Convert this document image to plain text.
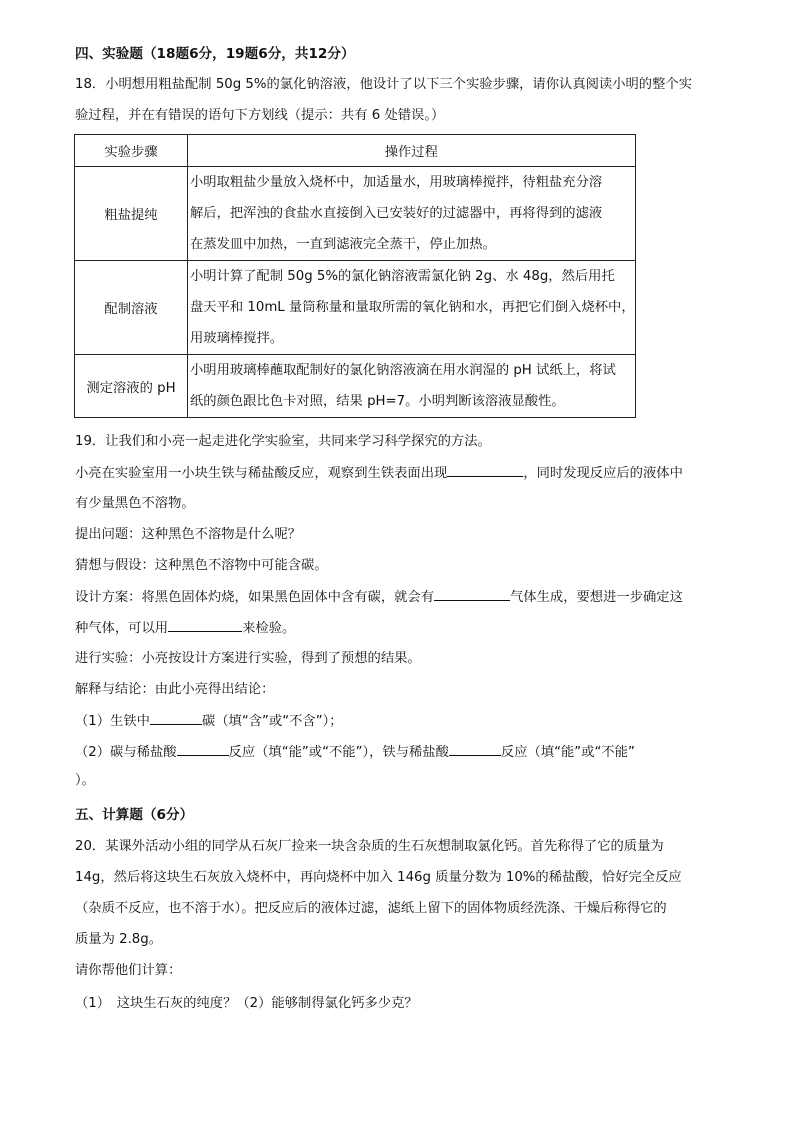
四、实验题（18题6分，19题6分，共12分）
18．小明想用粗盐配制 50g 5%的氯化钠溶液，他设计了以下三个实验步骤，请你认真阅读小明的整个实
验过程，并在有错误的语句下方划线（提示：共有 6 处错误。）
实验步骤	操作过程
粗盐提纯	小明取粗盐少量放入烧杯中，加适量水，用玻璃棒搅拌，待粗盐充分溶
解后，把浑浊的食盐水直接倒入已安装好的过滤器中，再将得到的滤液
在蒸发皿中加热，一直到滤液完全蒸干，停止加热。

配制溶液	小明计算了配制 50g 5%的氯化钠溶液需氯化钠 2g、水 48g，然后用托
盘天平和 10mL 量筒称量和量取所需的氧化钠和水，再把它们倒入烧杯中，
用玻璃棒搅拌。

测定溶液的 pH	小明用玻璃棒蘸取配制好的氯化钠溶液滴在用水润湿的 pH 试纸上，将试
纸的颜色跟比色卡对照，结果 pH=7。小明判断该溶液显酸性。
19．让我们和小亮一起走进化学实验室，共同来学习科学探究的方法。
小亮在实验室用一小块生铁与稀盐酸反应，观察到生铁表面出现	，同时发现反应后的液体中
有少量黑色不溶物。
提出问题：这种黑色不溶物是什么呢？
猜想与假设：这种黑色不溶物中可能含碳。
设计方案：将黑色固体灼烧，如果黑色固体中含有碳，就会有	气体生成，要想进一步确定这
种气体，可以用	来检验。
进行实验：小亮按设计方案进行实验，得到了预想的结果。
解释与结论：由此小亮得出结论：
（1）生铁中	碳（填“含”或“不含”）；
（2）碳与稀盐酸	反应（填“能”或“不能”），铁与稀盐酸	反应（填“能”或“不能”
）。
五、计算题（6分）
20．某课外活动小组的同学从石灰厂捡来一块含杂质的生石灰想制取氯化钙。首先称得了它的质量为
14g，然后将这块生石灰放入烧杯中，再向烧杯中加入 146g 质量分数为 10%的稀盐酸，恰好完全反应
（杂质不反应，也不溶于水）。把反应后的液体过滤，滤纸上留下的固体物质经洗涤、干燥后称得它的
质量为 2.8g。
请你帮他们计算：
（1）　这块生石灰的纯度？（2）能够制得氯化钙多少克？
